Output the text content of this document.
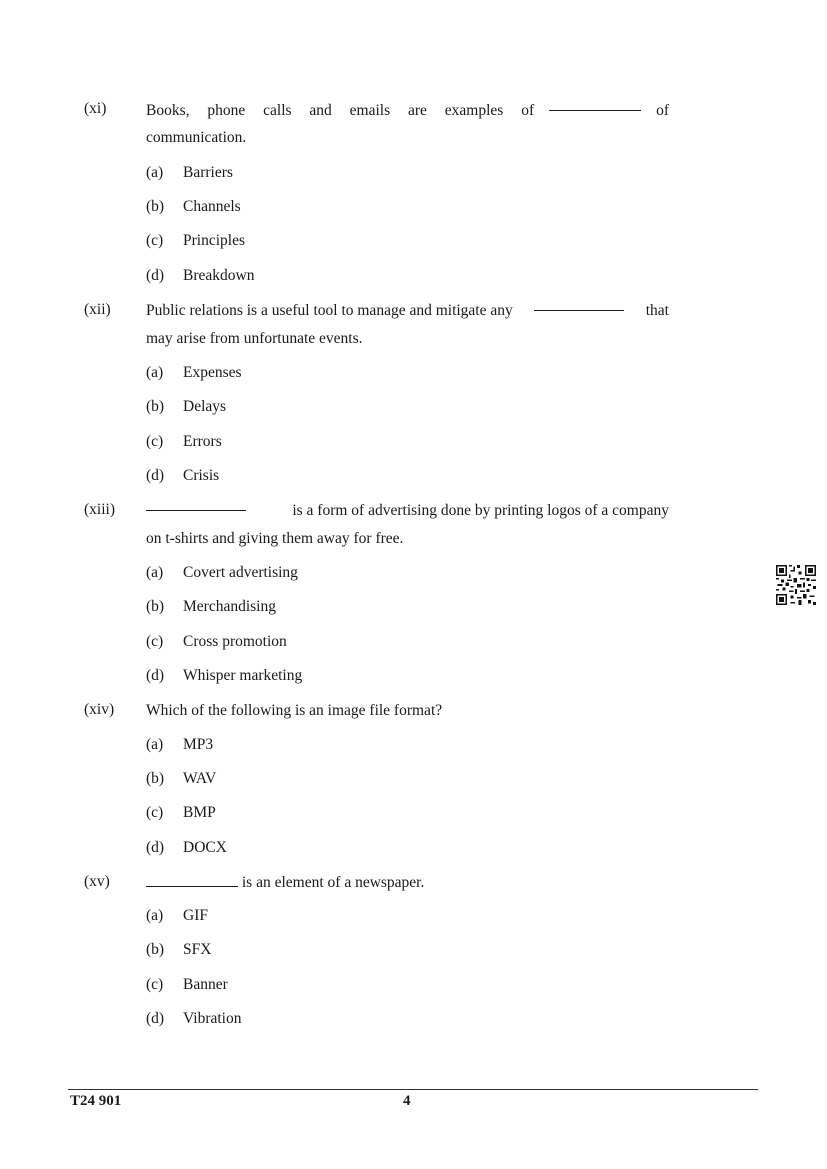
(xi)	Books, phone calls and emails are examples of	of
communication.
(a) Barriers
(b) Channels
(c) Principles
(d) Breakdown
(xii) Public relations is a useful tool to manage and mitigate any	that
may arise from unfortunate events.
(a) Expenses
(b) Delays
(c) Errors
(d) Crisis
(xiii)	is a form of advertising done by printing logos of a company
on t-shirts and giving them away for free.
(a) Covert advertising
(b) Merchandising
(c) Cross promotion
(d) Whisper marketing
(xiv) Which of the following is an image file format?
(a) MP3
(b) WAV
(c) BMP
(d) DOCX
(xv)	is an element of a newspaper.
(a) GIF
(b) SFX
(c) Banner
(d) Vibration
T24 901	4
